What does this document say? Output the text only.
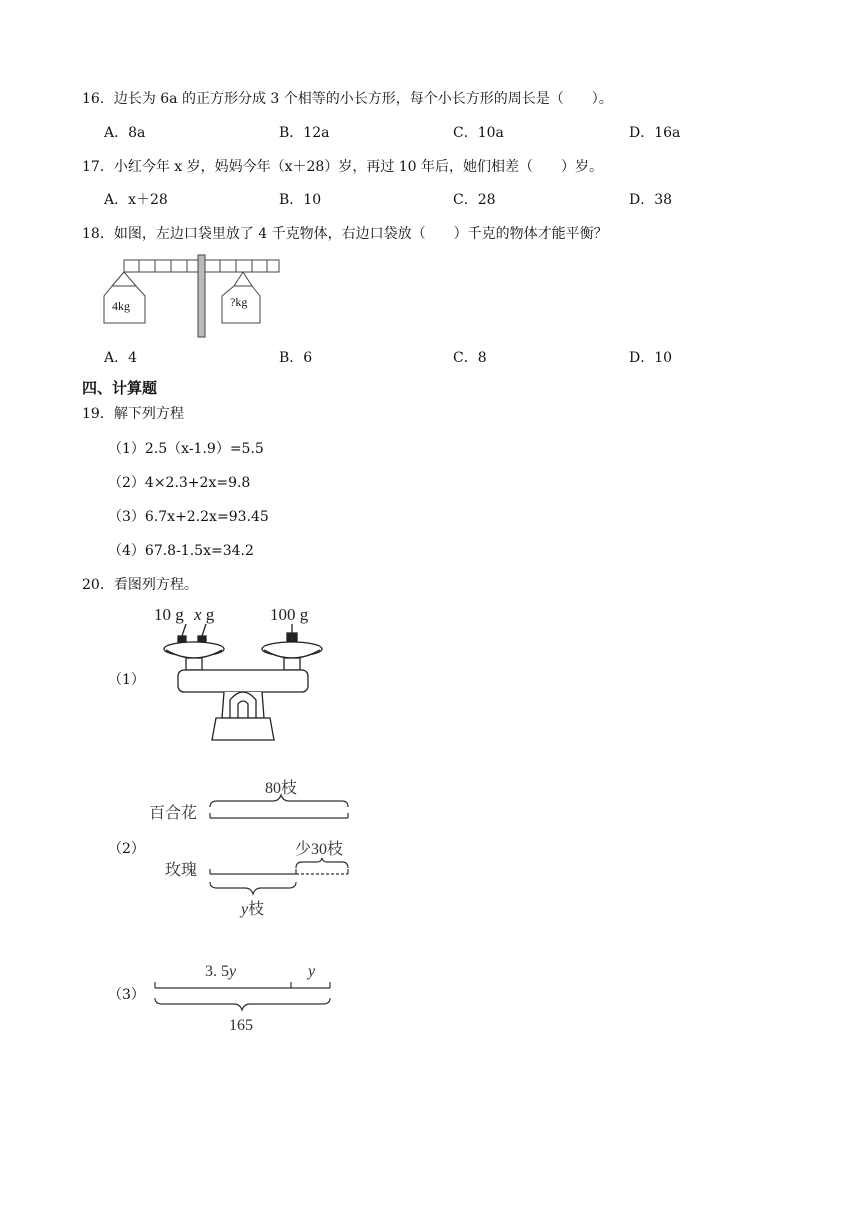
16．边长为 6a 的正方形分成 3 个相等的小长方形，每个小长方形的周长是（　　）。
A．8a	B．12a	C．10a	D．16a
17．小红今年 x 岁，妈妈今年（x＋28）岁，再过 10 年后，她们相差（　　）岁。
A．x＋28	B．10	C．28	D．38
18．如图，左边口袋里放了 4 千克物体，右边口袋放（　　）千克的物体才能平衡？
4kg	?kg
A．4	B．6	C．8	D．10
四、计算题
19．解下列方程
（1）2.5（x-1.9）=5.5
（2）4×2.3+2x=9.8
（3）6.7x+2.2x=93.45
（4）67.8-1.5x=34.2
20．看图列方程。
（1）
10 g x g	100 g
（2）
80枝
百合花
玫瑰
少30枝
y枝
（3）
3. 5y	y
165
